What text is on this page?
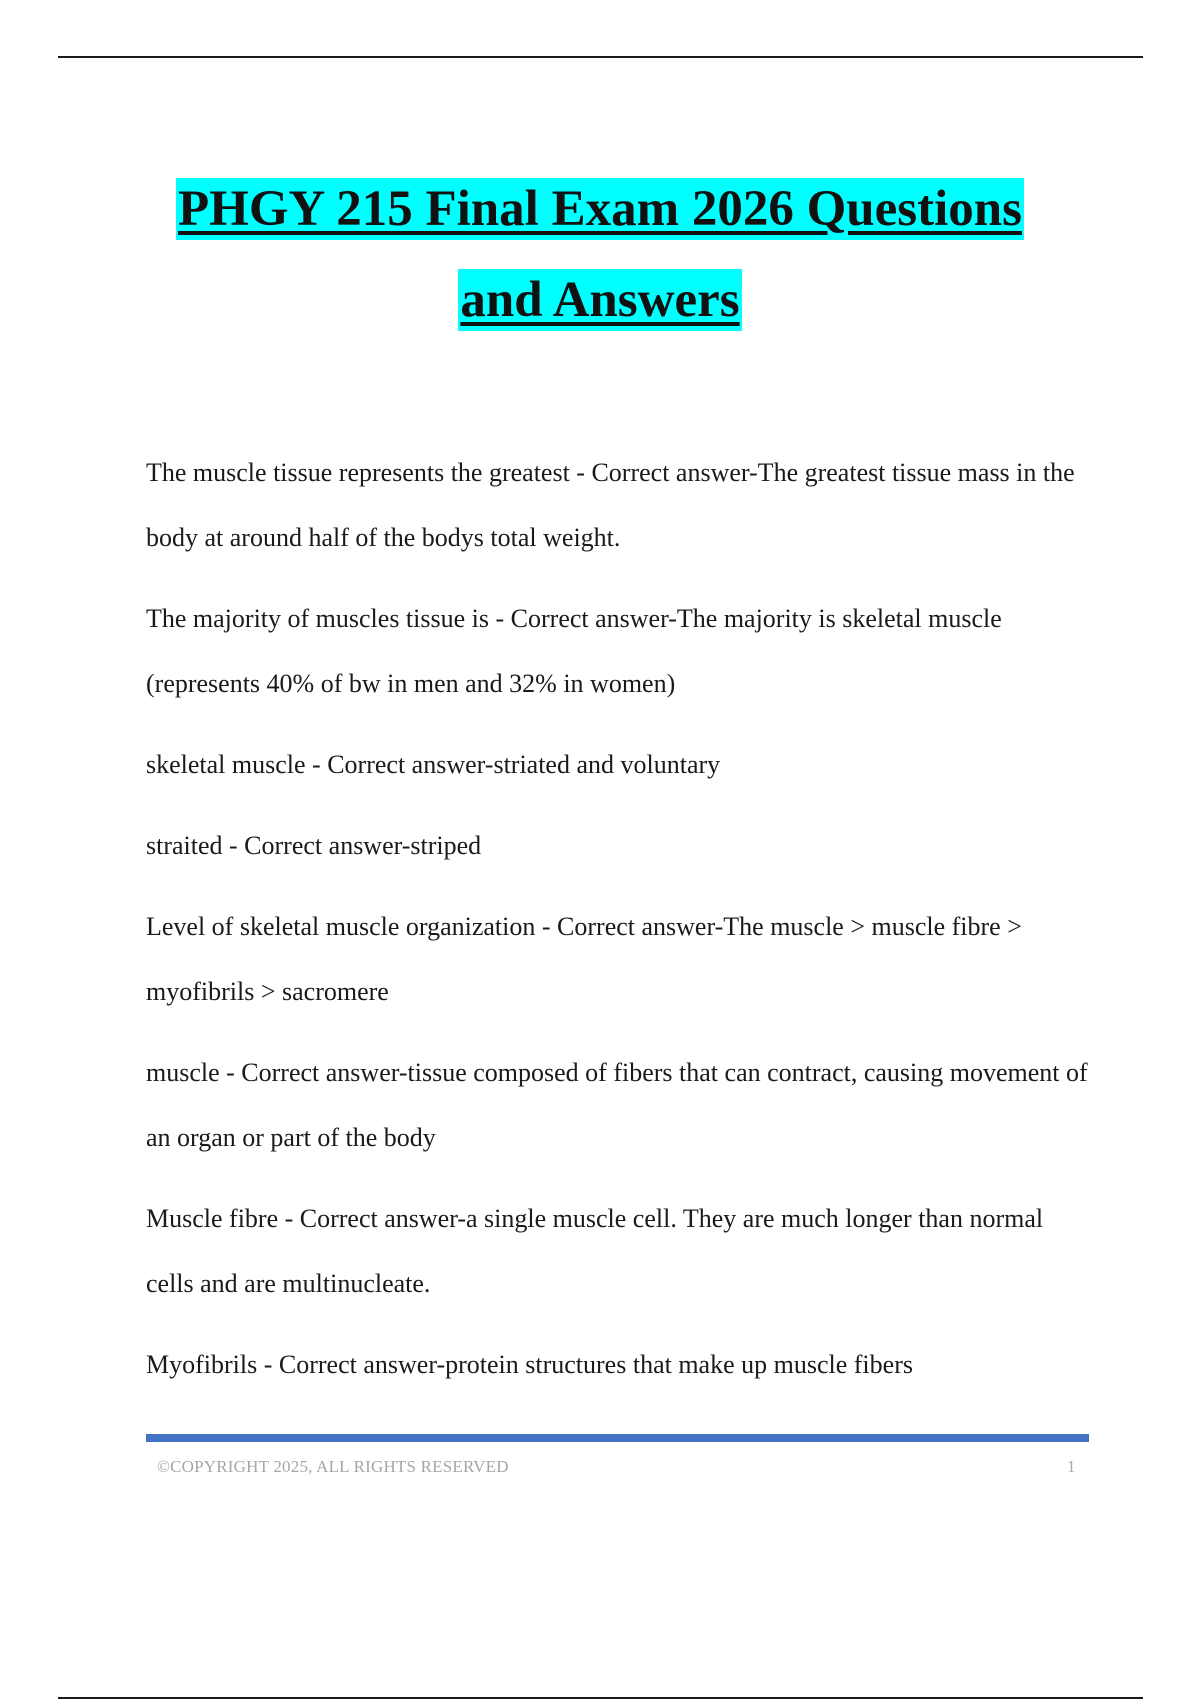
PHGY 215 Final Exam 2026 Questions
and Answers

The muscle tissue represents the greatest - Correct answer-The greatest tissue mass in the body at around half of the bodys total weight.

The majority of muscles tissue is - Correct answer-The majority is skeletal muscle (represents 40% of bw in men and 32% in women)

skeletal muscle - Correct answer-striated and voluntary

straited - Correct answer-striped

Level of skeletal muscle organization - Correct answer-The muscle > muscle fibre > myofibrils > sacromere

muscle - Correct answer-tissue composed of fibers that can contract, causing movement of an organ or part of the body

Muscle fibre - Correct answer-a single muscle cell. They are much longer than normal cells and are multinucleate.

Myofibrils - Correct answer-protein structures that make up muscle fibers

©COPYRIGHT 2025, ALL RIGHTS RESERVED	1
